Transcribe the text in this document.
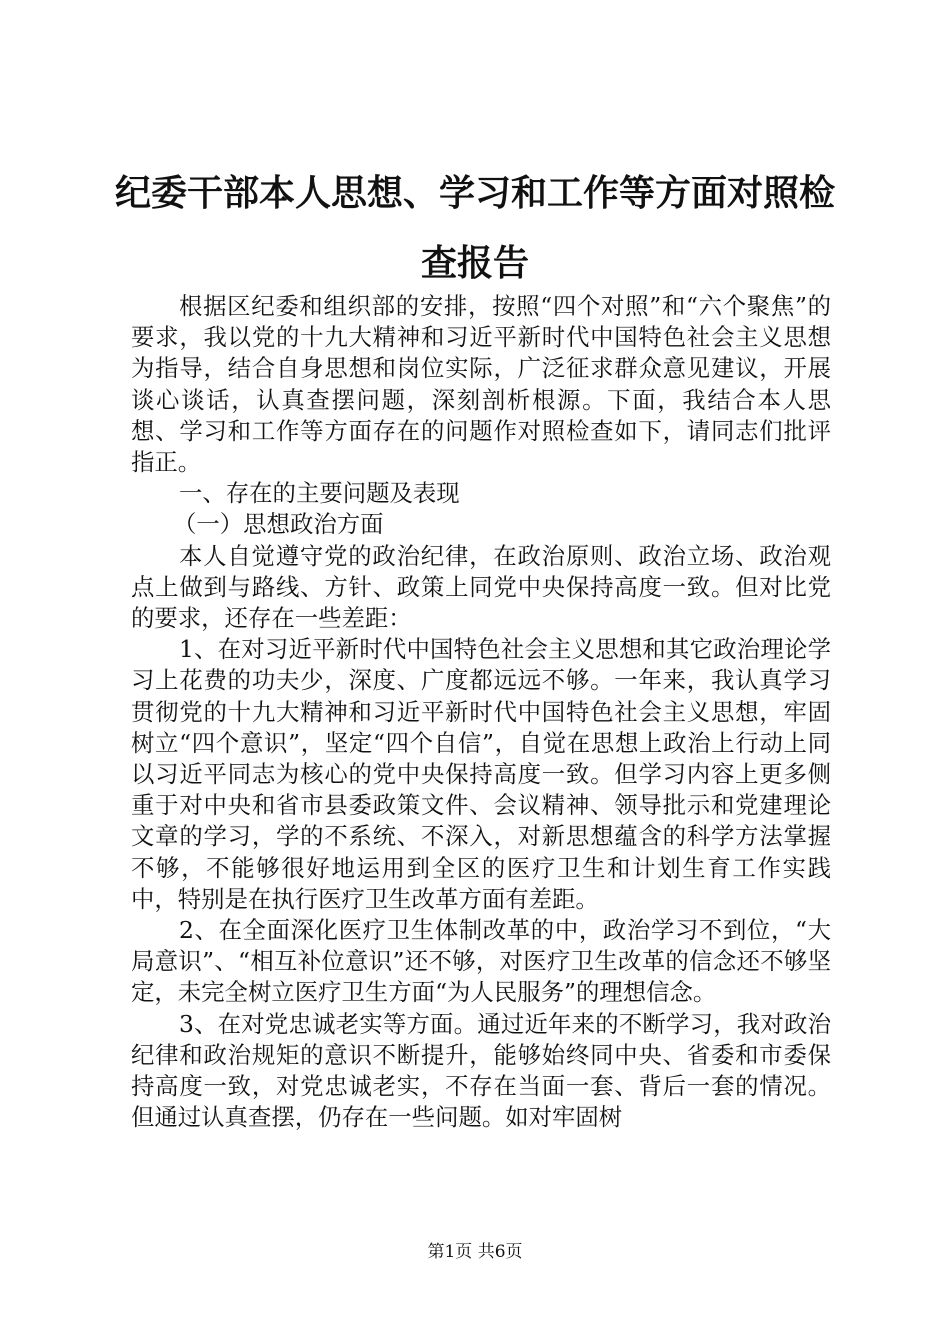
纪委干部本人思想、学习和工作等方面对照检查报告

根据区纪委和组织部的安排，按照“四个对照”和“六个聚焦”的要求，我以党的十九大精神和习近平新时代中国特色社会主义思想为指导，结合自身思想和岗位实际，广泛征求群众意见建议，开展谈心谈话，认真查摆问题，深刻剖析根源。下面，我结合本人思想、学习和工作等方面存在的问题作对照检查如下，请同志们批评指正。

一、存在的主要问题及表现

（一）思想政治方面

本人自觉遵守党的政治纪律，在政治原则、政治立场、政治观点上做到与路线、方针、政策上同党中央保持高度一致。但对比党的要求，还存在一些差距：

1、在对习近平新时代中国特色社会主义思想和其它政治理论学习上花费的功夫少，深度、广度都远远不够。一年来，我认真学习贯彻党的十九大精神和习近平新时代中国特色社会主义思想，牢固树立“四个意识”，坚定“四个自信”，自觉在思想上政治上行动上同以习近平同志为核心的党中央保持高度一致。但学习内容上更多侧重于对中央和省市县委政策文件、会议精神、领导批示和党建理论文章的学习，学的不系统、不深入，对新思想蕴含的科学方法掌握不够，不能够很好地运用到全区的医疗卫生和计划生育工作实践中，特别是在执行医疗卫生改革方面有差距。

2、在全面深化医疗卫生体制改革的中，政治学习不到位，“大局意识”、“相互补位意识”还不够，对医疗卫生改革的信念还不够坚定，未完全树立医疗卫生方面“为人民服务”的理想信念。

3、在对党忠诚老实等方面。通过近年来的不断学习，我对政治纪律和政治规矩的意识不断提升，能够始终同中央、省委和市委保持高度一致，对党忠诚老实，不存在当面一套、背后一套的情况。但通过认真查摆，仍存在一些问题。如对牢固树

第1页 共6页
